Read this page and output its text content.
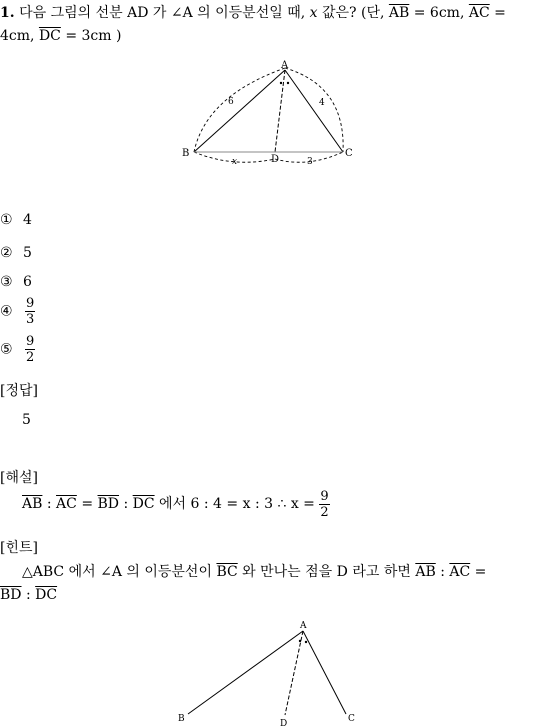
1. 다음 그림의 선분 AD 가 ∠A 의 이등분선일 때, x 값은? (단, $\overline{AB} = 6cm$, $\overline{AC}$ =
4cm, $\overline{DC} = 3cm$ )
A
B	C
D
6	4
x	3
① 4
② 5
③ 6
④ $\frac{9}{3}$
⑤ $\frac{9}{2}$
[정답]
5
[해설]
$\overline{AB}$ : $\overline{AC} = \overline{BD}$ : $\overline{DC}$ 에서 6 : 4 = x : 3 ∴ $x = \frac{9}{2}$
[힌트]
△ABC 에서 ∠A 의 이등분선이 $\overline{BC}$ 와 만나는 점을 D 라고 하면 $\overline{AB}$ : $\overline{AC}$ =
$\overline{BD}$ : $\overline{DC}$
A
B	C
D
